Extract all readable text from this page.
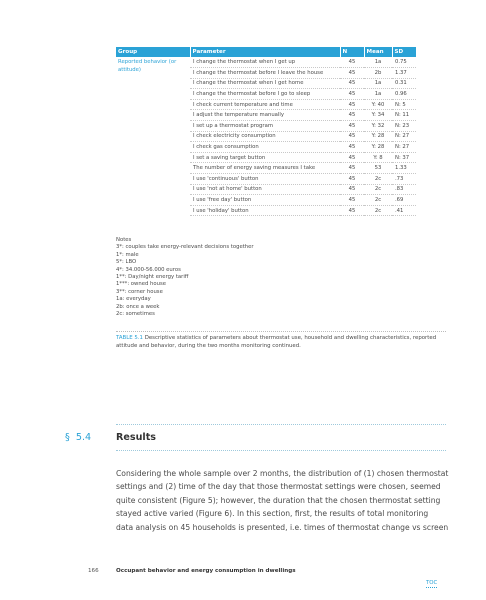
Group	Parameter	N	Mean	SD
Reported behavior (or attitude)	I change the thermostat when I get up	45	1a	0.75
	I change the thermostat before I leave the house	45	2b	1.37
	I change the thermostat when I get home	45	1a	0.31
	I change the thermostat before I go to sleep	45	1a	0.96
	I check current temperature and time	45	Y: 40	N: 5
	I adjust the temperature manually	45	Y: 34	N: 11
	I set up a thermostat program	45	Y: 32	N: 23
	I check electricity consumption	45	Y: 28	N: 27
	I check gas consumption	45	Y: 28	N: 27
	I set a saving target button	45	Y: 8	N: 37
	The number of energy saving measures I take	45	53	1.33
	I use 'continuous' button	45	2c	.73
	I use 'not at home' button	45	2c	.83
	I use 'free day' button	45	2c	.69
	I use 'holiday' button	45	2c	.41
Notes
3*: couples take energy-relevant decisions together
1*: male
5*: LBO
4*: 34.000-56.000 euros
1**: Day/night energy tariff
1***: owned house
3**: corner house
1a: everyday
2b: once a week
2c: sometimes
TABLE 5.1 Descriptive statistics of parameters about thermostat use, household and dwelling characteristics, reported attitude and behavior, during the two months monitoring continued.
§ 5.4	Results
Considering the whole sample over 2 months, the distribution of (1) chosen thermostat
settings and (2) time of the day that those thermostat settings were chosen, seemed
quite consistent (Figure 5); however, the duration that the chosen thermostat setting
stayed active varied (Figure 6). In this section, first, the results of total monitoring
data analysis on 45 households is presented, i.e. times of thermostat change vs screen
166	Occupant behavior and energy consumption in dwellings
TOC
